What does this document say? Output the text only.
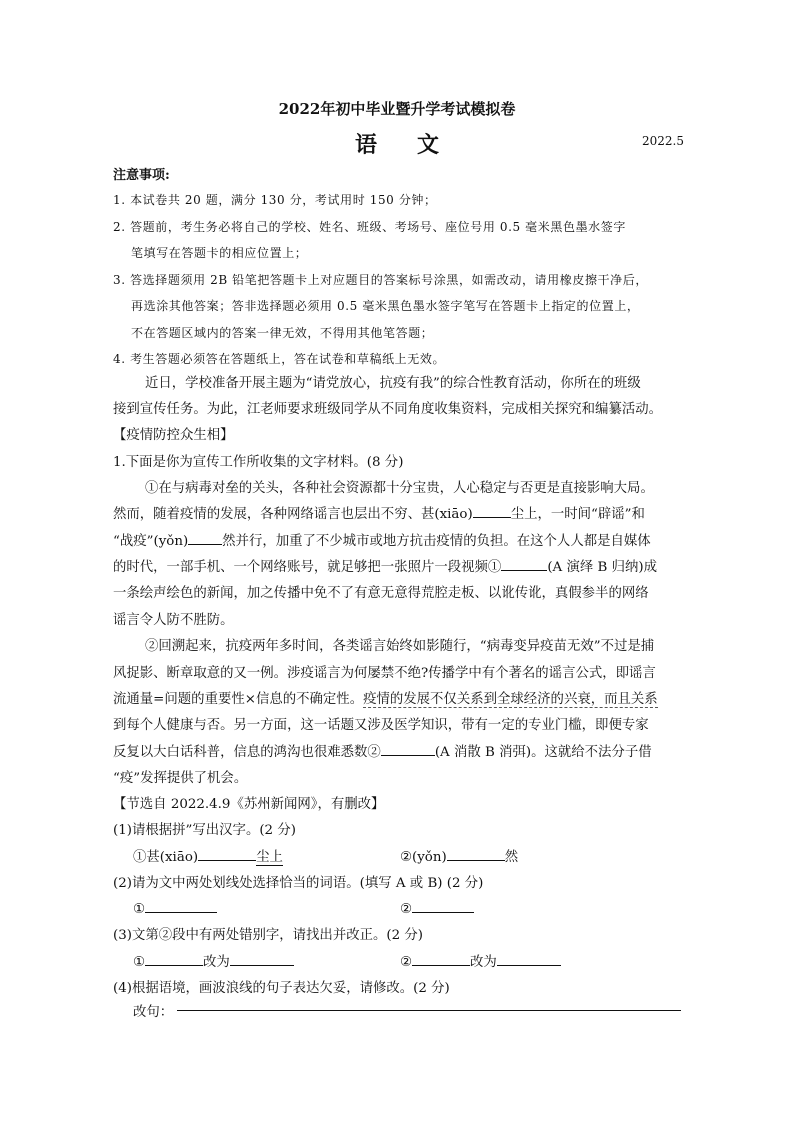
2022年初中毕业暨升学考试模拟卷
语文	2022.5
注意事项:
1. 本试卷共 20 题，满分 130 分，考试用时 150 分钟；
2. 答题前，考生务必将自己的学校、姓名、班级、考场号、座位号用 0.5 毫米黑色墨水签字
笔填写在答题卡的相应位置上；
3. 答选择题须用 2B 铅笔把答题卡上对应题目的答案标号涂黑，如需改动，请用橡皮擦干净后，
再选涂其他答案；答非选择题必须用 0.5 毫米黑色墨水签字笔写在答题卡上指定的位置上，
不在答题区域内的答案一律无效，不得用其他笔答题；
4. 考生答题必须答在答题纸上，答在试卷和草稿纸上无效。
近日，学校准备开展主题为“请党放心，抗疫有我”的综合性教育活动，你所在的班级
接到宣传任务。为此，江老师要求班级同学从不同角度收集资料，完成相关探究和编纂活动。
【疫情防控众生相】
1.下面是你为宣传工作所收集的文字材料。(8 分)
①在与病毒对垒的关头，各种社会资源都十分宝贵，人心稳定与否更是直接影响大局。
然而，随着疫情的发展，各种网络谣言也层出不穷、甚(xiāo)	尘上，一时间“辟谣”和
“战疫”(yǒn)	然并行，加重了不少城市或地方抗击疫情的负担。在这个人人都是自媒体
的时代，一部手机、一个网络账号，就足够把一张照片一段视频①	(A 演绎 B 归纳)成
一条绘声绘色的新闻，加之传播中免不了有意无意得荒腔走板、以讹传讹，真假参半的网络
谣言令人防不胜防。
②回溯起来，抗疫两年多时间，各类谣言始终如影随行，“病毒变异疫苗无效”不过是捕
风捉影、断章取意的又一例。涉疫谣言为何屡禁不绝?传播学中有个著名的谣言公式，即谣言
流通量=问题的重要性×信息的不确定性。疫情的发展不仅关系到全球经济的兴衰，而且关系
到每个人健康与否。另一方面，这一话题又涉及医学知识，带有一定的专业门槛，即便专家
反复以大白话科普，信息的鸿沟也很难悉数②	(A 消散 B 消弭)。这就给不法分子借
“疫”发挥提供了机会。
【节选自 2022.4.9《苏州新闻网》，有删改】
(1)请根据拼”写出汉字。(2 分)
①甚(xiāo)	尘上	②(yǒn)	然
(2)请为文中两处划线处选择恰当的词语。(填写 A 或 B) (2 分)
①	②
(3)文第②段中有两处错别字，请找出并改正。(2 分)
①	改为	②	改为
(4)根据语境，画波浪线的句子表达欠妥，请修改。(2 分)
改句：
